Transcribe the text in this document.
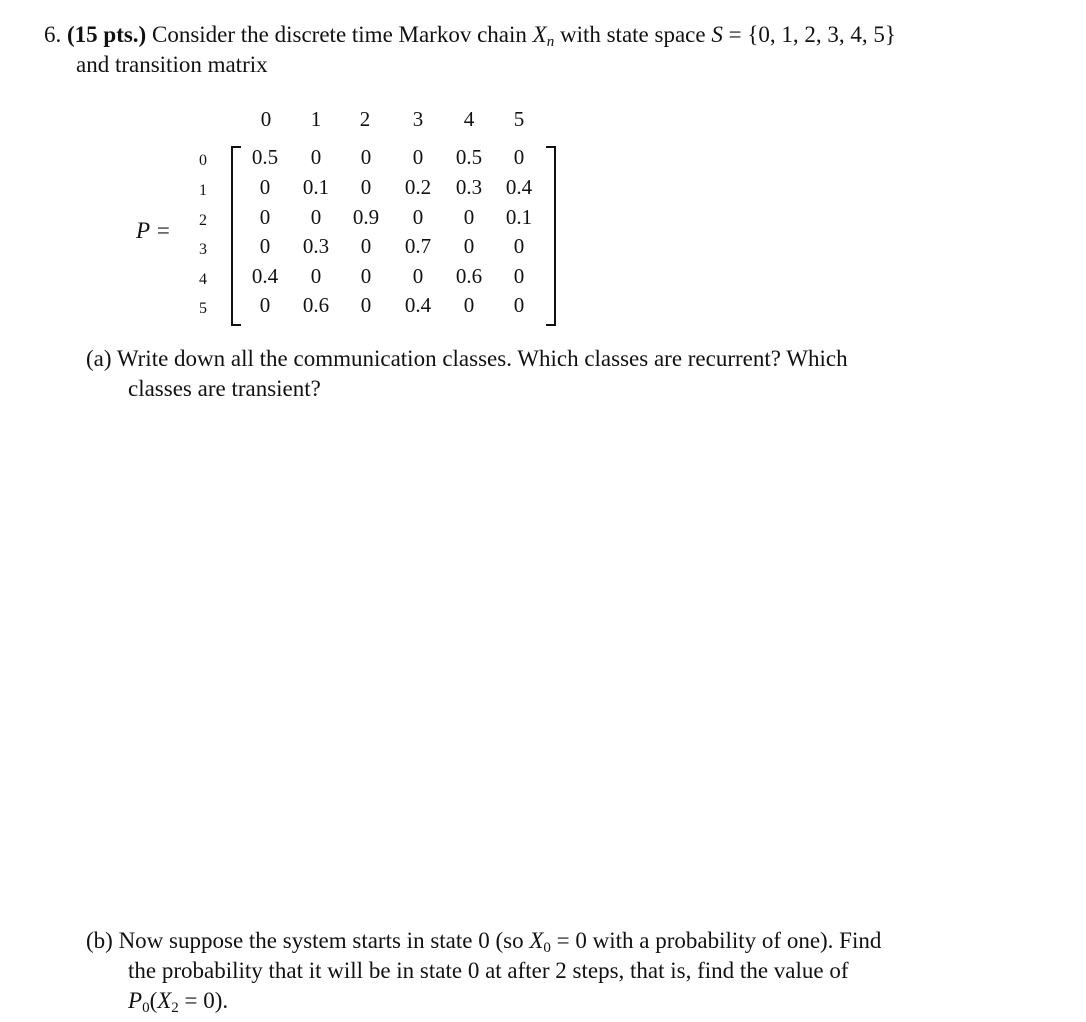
6. (15 pts.) Consider the discrete time Markov chain $X_n$ with state space S = {0, 1, 2, 3, 4, 5}
and transition matrix
0	1	2	3	4	5
0
1
2
3
4
5
0.5	0	0	0	0.5	0
0	0.1	0	0.2	0.3	0.4
0	0	0.9	0	0	0.1
0	0.3	0	0.7	0	0
0.4	0	0	0	0.6	0
0	0.6	0	0.4	0	0
P =
(a) Write down all the communication classes. Which classes are recurrent? Which
classes are transient?
(b) Now suppose the system starts in state 0 (so $X_0 = 0$ with a probability of one). Find
the probability that it will be in state 0 at after 2 steps, that is, find the value of
$P_0(X_2 = 0)$.
